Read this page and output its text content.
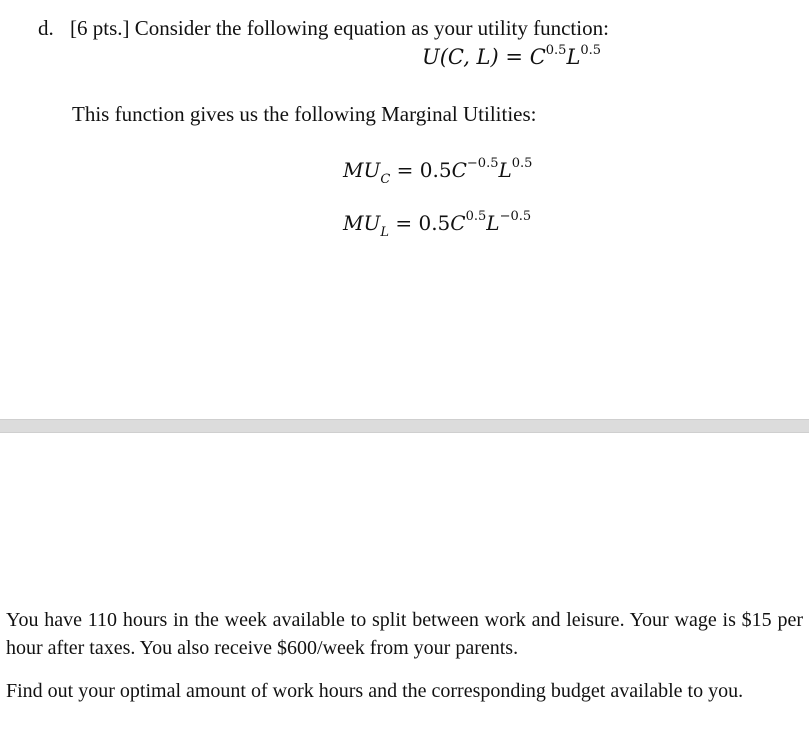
d. [6 pts.] Consider the following equation as your utility function:
U(C, $L) = C^{0.5}L^{0.5}$
This function gives us the following Marginal Utilities:
$MU_C = 0.5C^{-0.5}L^{0.5}$
$MU_L = 0.5C^{0.5}L^{-0.5}$
You have 110 hours in the week available to split between work and leisure. Your wage is $15 per hour after taxes. You also receive $600/week from your parents.
Find out your optimal amount of work hours and the corresponding budget available to you.
